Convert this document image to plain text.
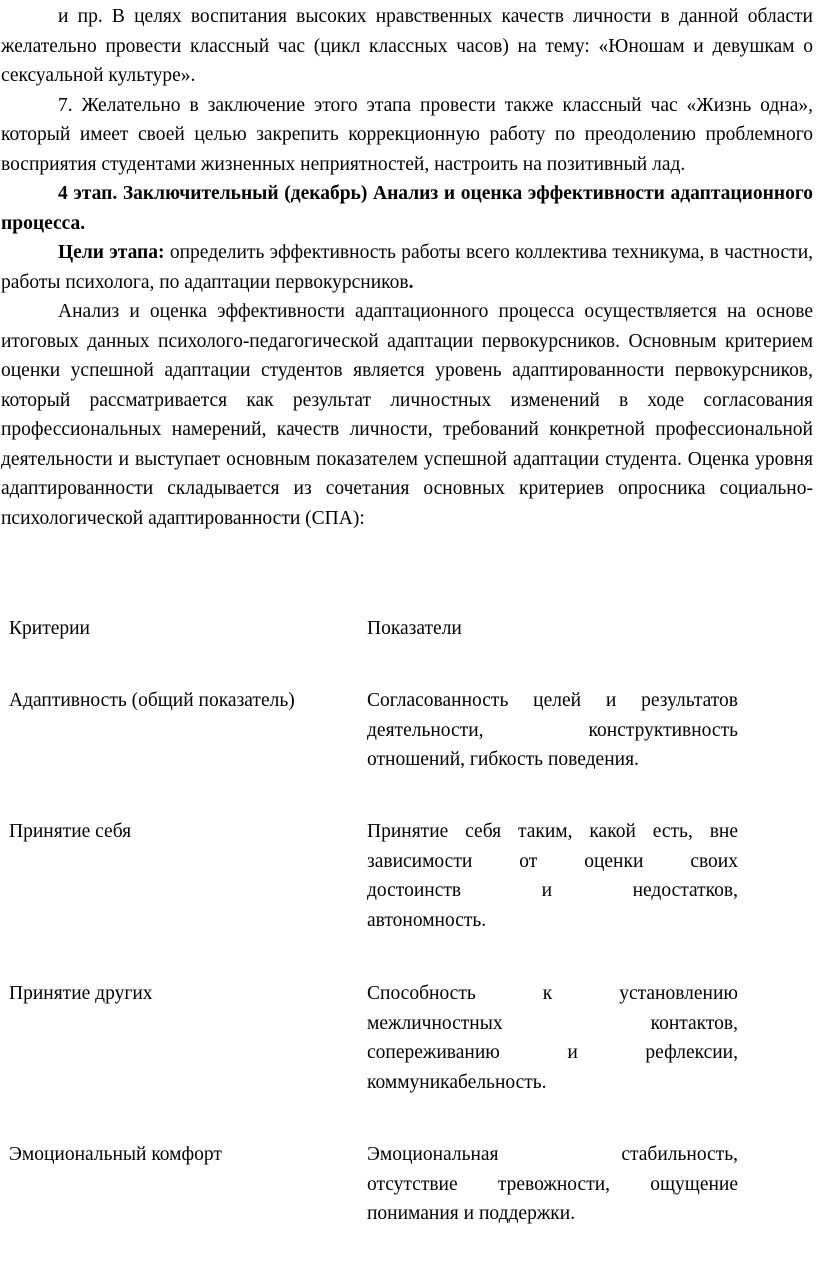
и пр. В целях воспитания высоких нравственных качеств личности в данной области желательно провести классный час (цикл классных часов) на тему: «Юношам и девушкам о сексуальной культуре».

7. Желательно в заключение этого этапа провести также классный час «Жизнь одна», который имеет своей целью закрепить коррекционную работу по преодолению проблемного восприятия студентами жизненных неприятностей, настроить на позитивный лад.

4 этап. Заключительный (декабрь) Анализ и оценка эффективности адаптационного процесса.

Цели этапа: определить эффективность работы всего коллектива техникума, в частности, работы психолога, по адаптации первокурсников.

Анализ и оценка эффективности адаптационного процесса осуществляется на основе итоговых данных психолого-педагогической адаптации первокурсников. Основным критерием оценки успешной адаптации студентов является уровень адаптированности первокурсников, который рассматривается как результат личностных изменений в ходе согласования профессиональных намерений, качеств личности, требований конкретной профессиональной деятельности и выступает основным показателем успешной адаптации студента. Оценка уровня адаптированности складывается из сочетания основных критериев опросника социально-психологической адаптированности (СПА):

Критерии	Показатели
Адаптивность (общий показатель)	Согласованность целей и результатов
деятельности, конструктивность
отношений, гибкость поведения.
Принятие себя	Принятие себя таким, какой есть, вне
зависимости от оценки своих
достоинств и недостатков,
автономность.
Принятие других	Способность к установлению
межличностных контактов,
сопереживанию и рефлексии,
коммуникабельность.
Эмоциональный комфорт	Эмоциональная стабильность,
отсутствие тревожности, ощущение
понимания и поддержки.
